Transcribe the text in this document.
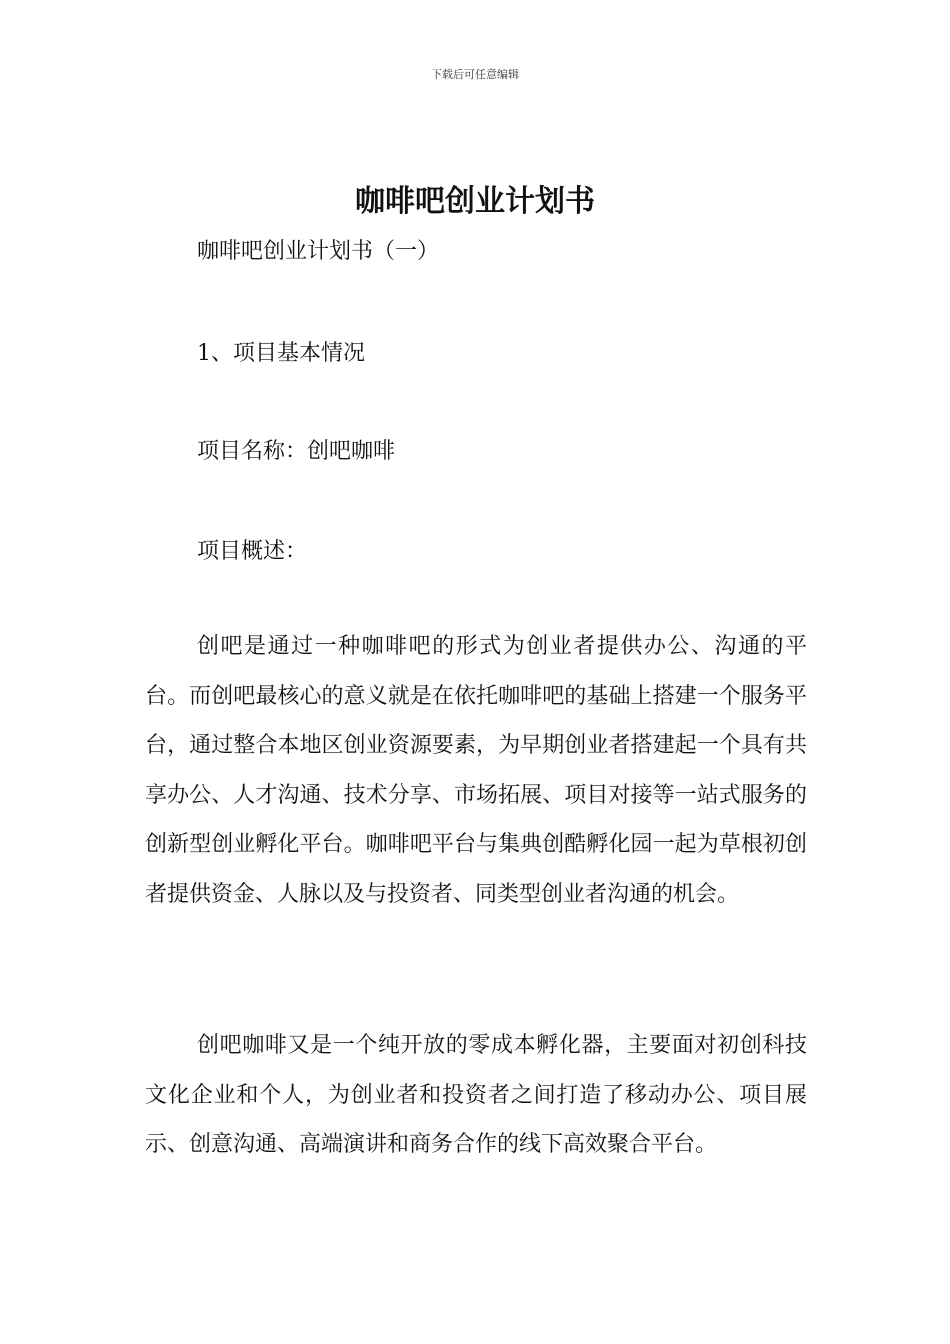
下载后可任意编辑
咖啡吧创业计划书

咖啡吧创业计划书（一）

1、项目基本情况

项目名称：创吧咖啡

项目概述：

创吧是通过一种咖啡吧的形式为创业者提供办公、沟通的平台。而创吧最核心的意义就是在依托咖啡吧的基础上搭建一个服务平台，通过整合本地区创业资源要素，为早期创业者搭建起一个具有共享办公、人才沟通、技术分享、市场拓展、项目对接等一站式服务的创新型创业孵化平台。咖啡吧平台与集典创酷孵化园一起为草根初创者提供资金、人脉以及与投资者、同类型创业者沟通的机会。

创吧咖啡又是一个纯开放的零成本孵化器，主要面对初创科技文化企业和个人，为创业者和投资者之间打造了移动办公、项目展示、创意沟通、高端演讲和商务合作的线下高效聚合平台。
